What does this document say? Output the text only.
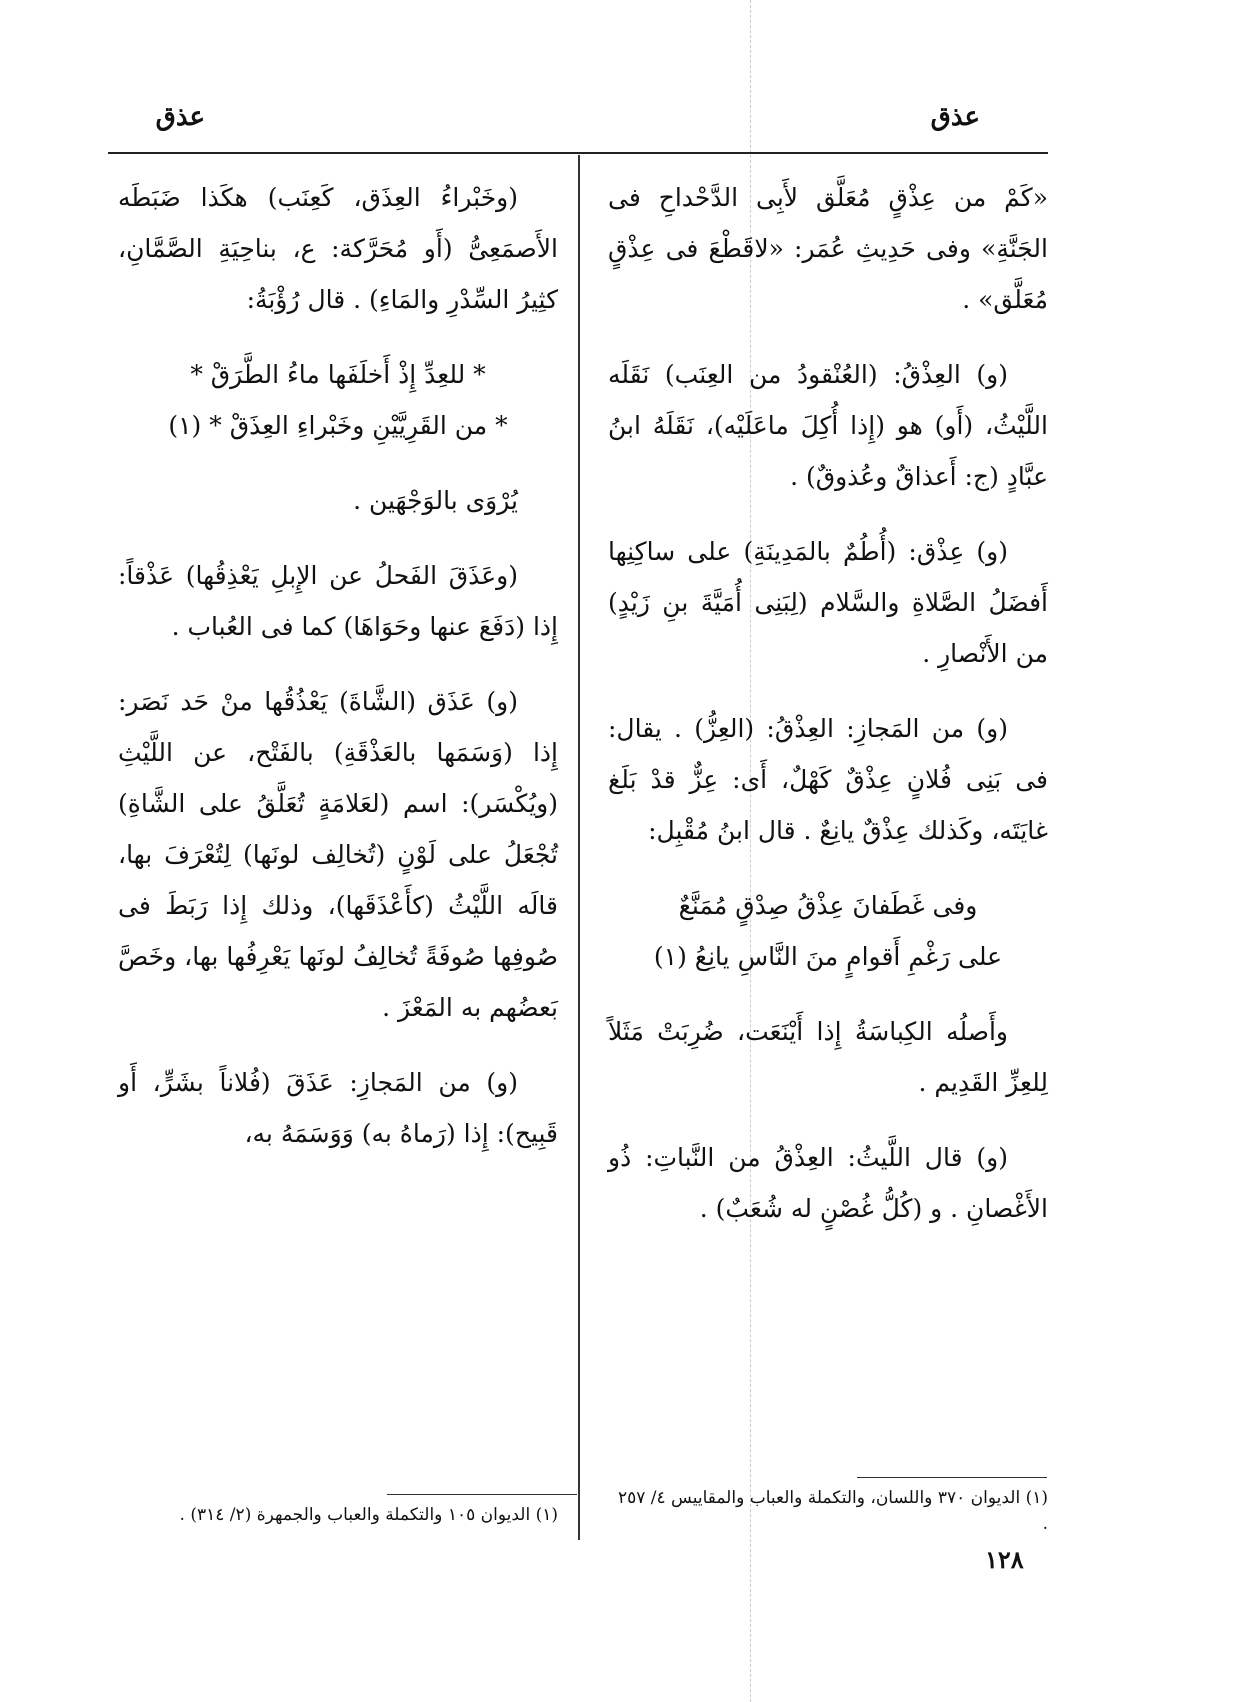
عذق
عذق

«كَمْ من عِذْقٍ مُعَلَّق لأَبِى الدَّحْداحِ فى الجَنَّةِ» وفى حَدِيثِ عُمَر: «لاقَطْعَ فى عِذْقٍ مُعَلَّق» .

(و) العِذْقُ: (العُنْقودُ من العِنَب) نَقَلَه اللَّيْثُ، (أَو) هو (إِذا أُكِلَ ماعَلَيْه)، نَقَلَهُ ابنُ عبَّادٍ (ج: أَعذاقٌ وعُذوقٌ) .

(و) عِذْق: (أُطُمٌ بالمَدِينَةِ) على ساكِنِها أَفضَلُ الصَّلاةِ والسَّلام (لِبَنِى أُمَيَّةَ بنِ زَيْدٍ) من الأَنْصارِ .

(و) من المَجازِ: العِذْقُ: (العِزُّ) . يقال: فى بَنِى فُلانٍ عِذْقٌ كَهْلٌ، أَى: عِزٌّ قدْ بَلَغ غايَتَه، وكَذلك عِذْقٌ يانِعٌ . قال ابنُ مُقْبِل:

وفى غَطَفانَ عِذْقُ صِدْقٍ مُمَنَّعٌ
على رَغْمِ أَقوامٍ منَ النَّاسِ يانِعُ (١)

وأَصلُه الكِباسَةُ إِذا أَيْنَعَت، ضُرِبَتْ مَثَلاً لِلعِزِّ القَدِيم .

(و) قال اللَّيثُ: العِذْقُ من النَّباتِ: ذُو الأَغْصانِ . و (كُلُّ غُصْنٍ له شُعَبٌ) .

(وخَبْراءُ العِذَق، كَعِنَب) هكَذا ضَبَطَه الأَصمَعِىُّ (أَو مُحَرَّكة: ع، بناحِيَةِ الصَّمَّانِ، كثِيرُ السِّدْرِ والمَاءِ) . قال رُؤْبَةُ:

* للعِدِّ إِذْ أَخلَفَها ماءُ الطَّرَقْ *
* من القَرِيَّيْنِ وخَبْراءِ العِذَقْ * (١)

يُرْوَى بالوَجْهَين .

(وعَذَقَ الفَحلُ عن الإِبلِ يَعْذِقُها) عَذْقاً: إِذا (دَفَعَ عنها وحَوَاهَا) كما فى العُباب .

(و) عَذَق (الشَّاةَ) يَعْذُقُها منْ حَد نَصَر: إِذا (وَسَمَها بالعَذْقَةِ) بالفَتْح، عن اللَّيْثِ (ويُكْسَر): اسم (لعَلامَةٍ تُعَلَّقُ على الشَّاةِ) تُجْعَلُ على لَوْنٍ (تُخالِف لونَها) لِتُعْرَفَ بها، قالَه اللَّيْثُ (كأَعْذَقَها)، وذلك إِذا رَبَطَ فى صُوفِها صُوفَةً تُخالِفُ لونَها يَعْرِفُها بها، وخَصَّ بَعضُهم به المَعْزَ .

(و) من المَجازِ: عَذَقَ (فُلاناً بشَرٍّ، أَو قَبِيح): إِذا (رَماهُ به) وَوَسَمَهُ به،

(١) الديوان ٣٧٠ واللسان، والتكملة والعباب والمقاييس ٤/ ٢٥٧ .
(١) الديوان ١٠٥ والتكملة والعباب والجمهرة (٢/ ٣١٤) .
١٢٨
